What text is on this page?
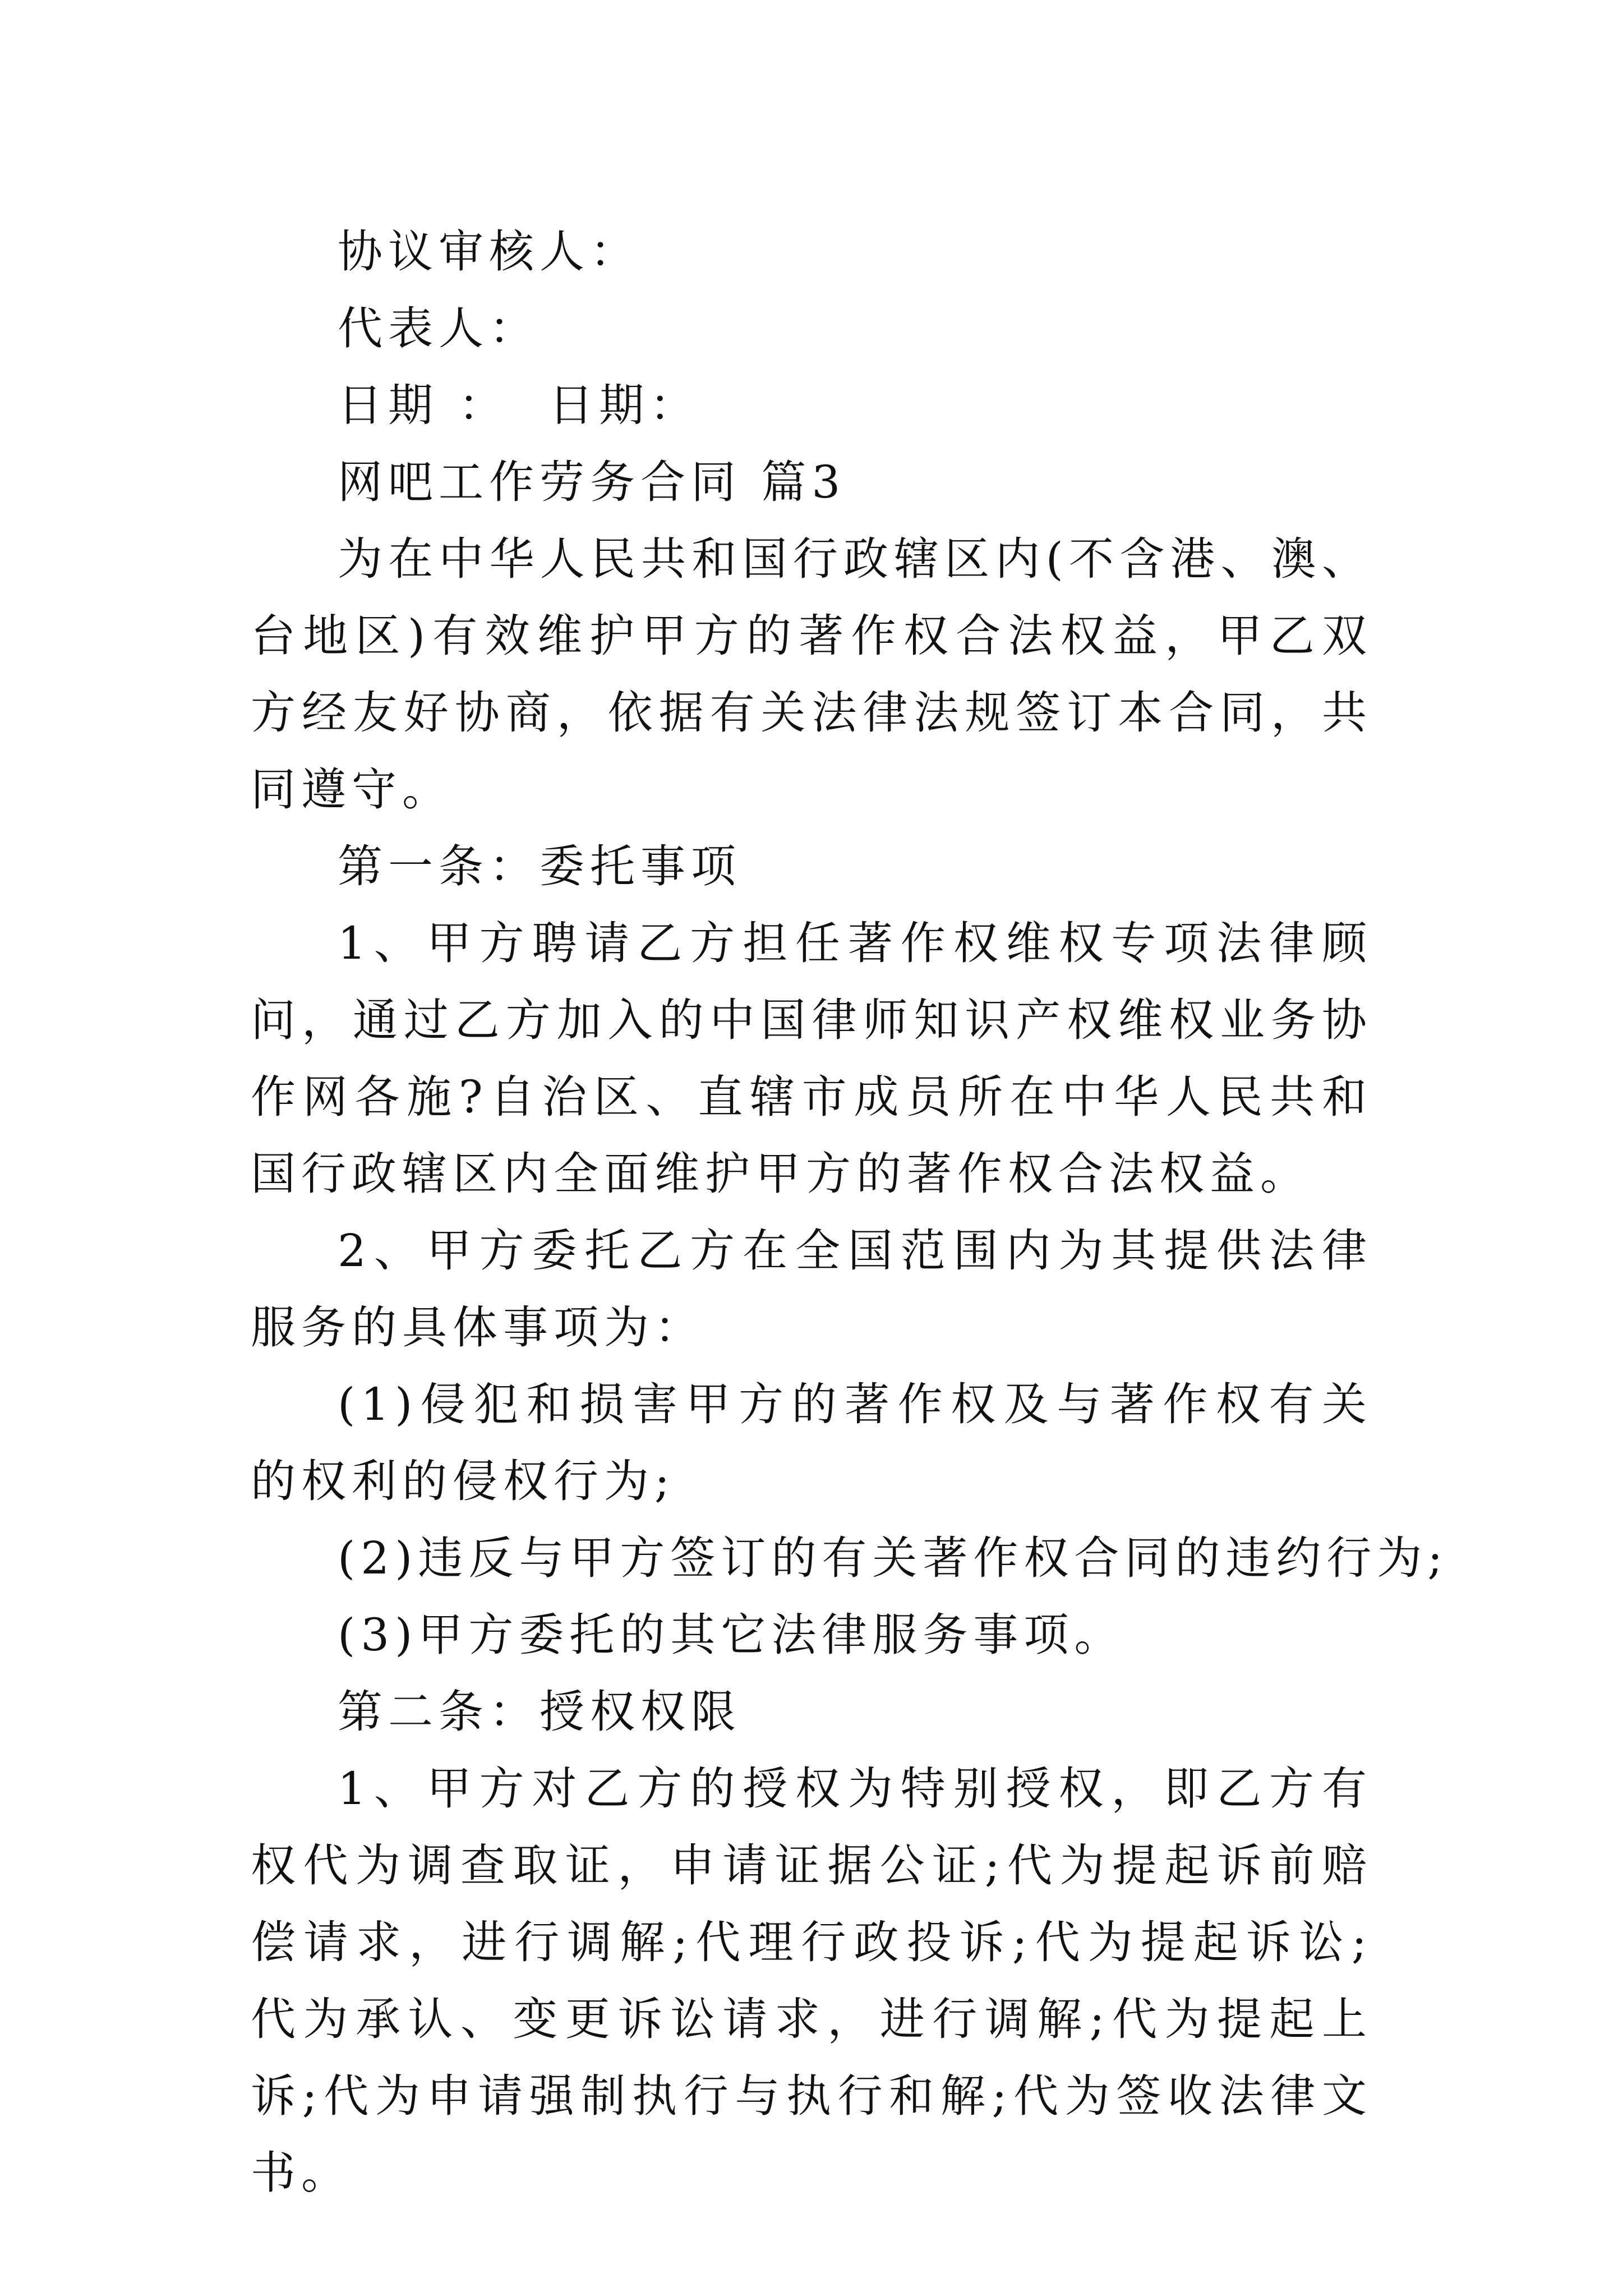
协议审核人：

代表人：

日期 ：  日期：

网吧工作劳务合同 篇3

为在中华人民共和国行政辖区内(不含港、澳、台地区)有效维护甲方的著作权合法权益，甲乙双方经友好协商，依据有关法律法规签订本合同，共同遵守。

第一条：委托事项

1、甲方聘请乙方担任著作权维权专项法律顾问，通过乙方加入的中国律师知识产权维权业务协作网各施?自治区、直辖市成员所在中华人民共和国行政辖区内全面维护甲方的著作权合法权益。

2、甲方委托乙方在全国范围内为其提供法律服务的具体事项为：

(1)侵犯和损害甲方的著作权及与著作权有关的权利的侵权行为;

(2)违反与甲方签订的有关著作权合同的违约行为;

(3)甲方委托的其它法律服务事项。

第二条：授权权限

1、甲方对乙方的授权为特别授权，即乙方有权代为调查取证，申请证据公证;代为提起诉前赔偿请求，进行调解;代理行政投诉;代为提起诉讼;代为承认、变更诉讼请求，进行调解;代为提起上诉;代为申请强制执行与执行和解;代为签收法律文书。
